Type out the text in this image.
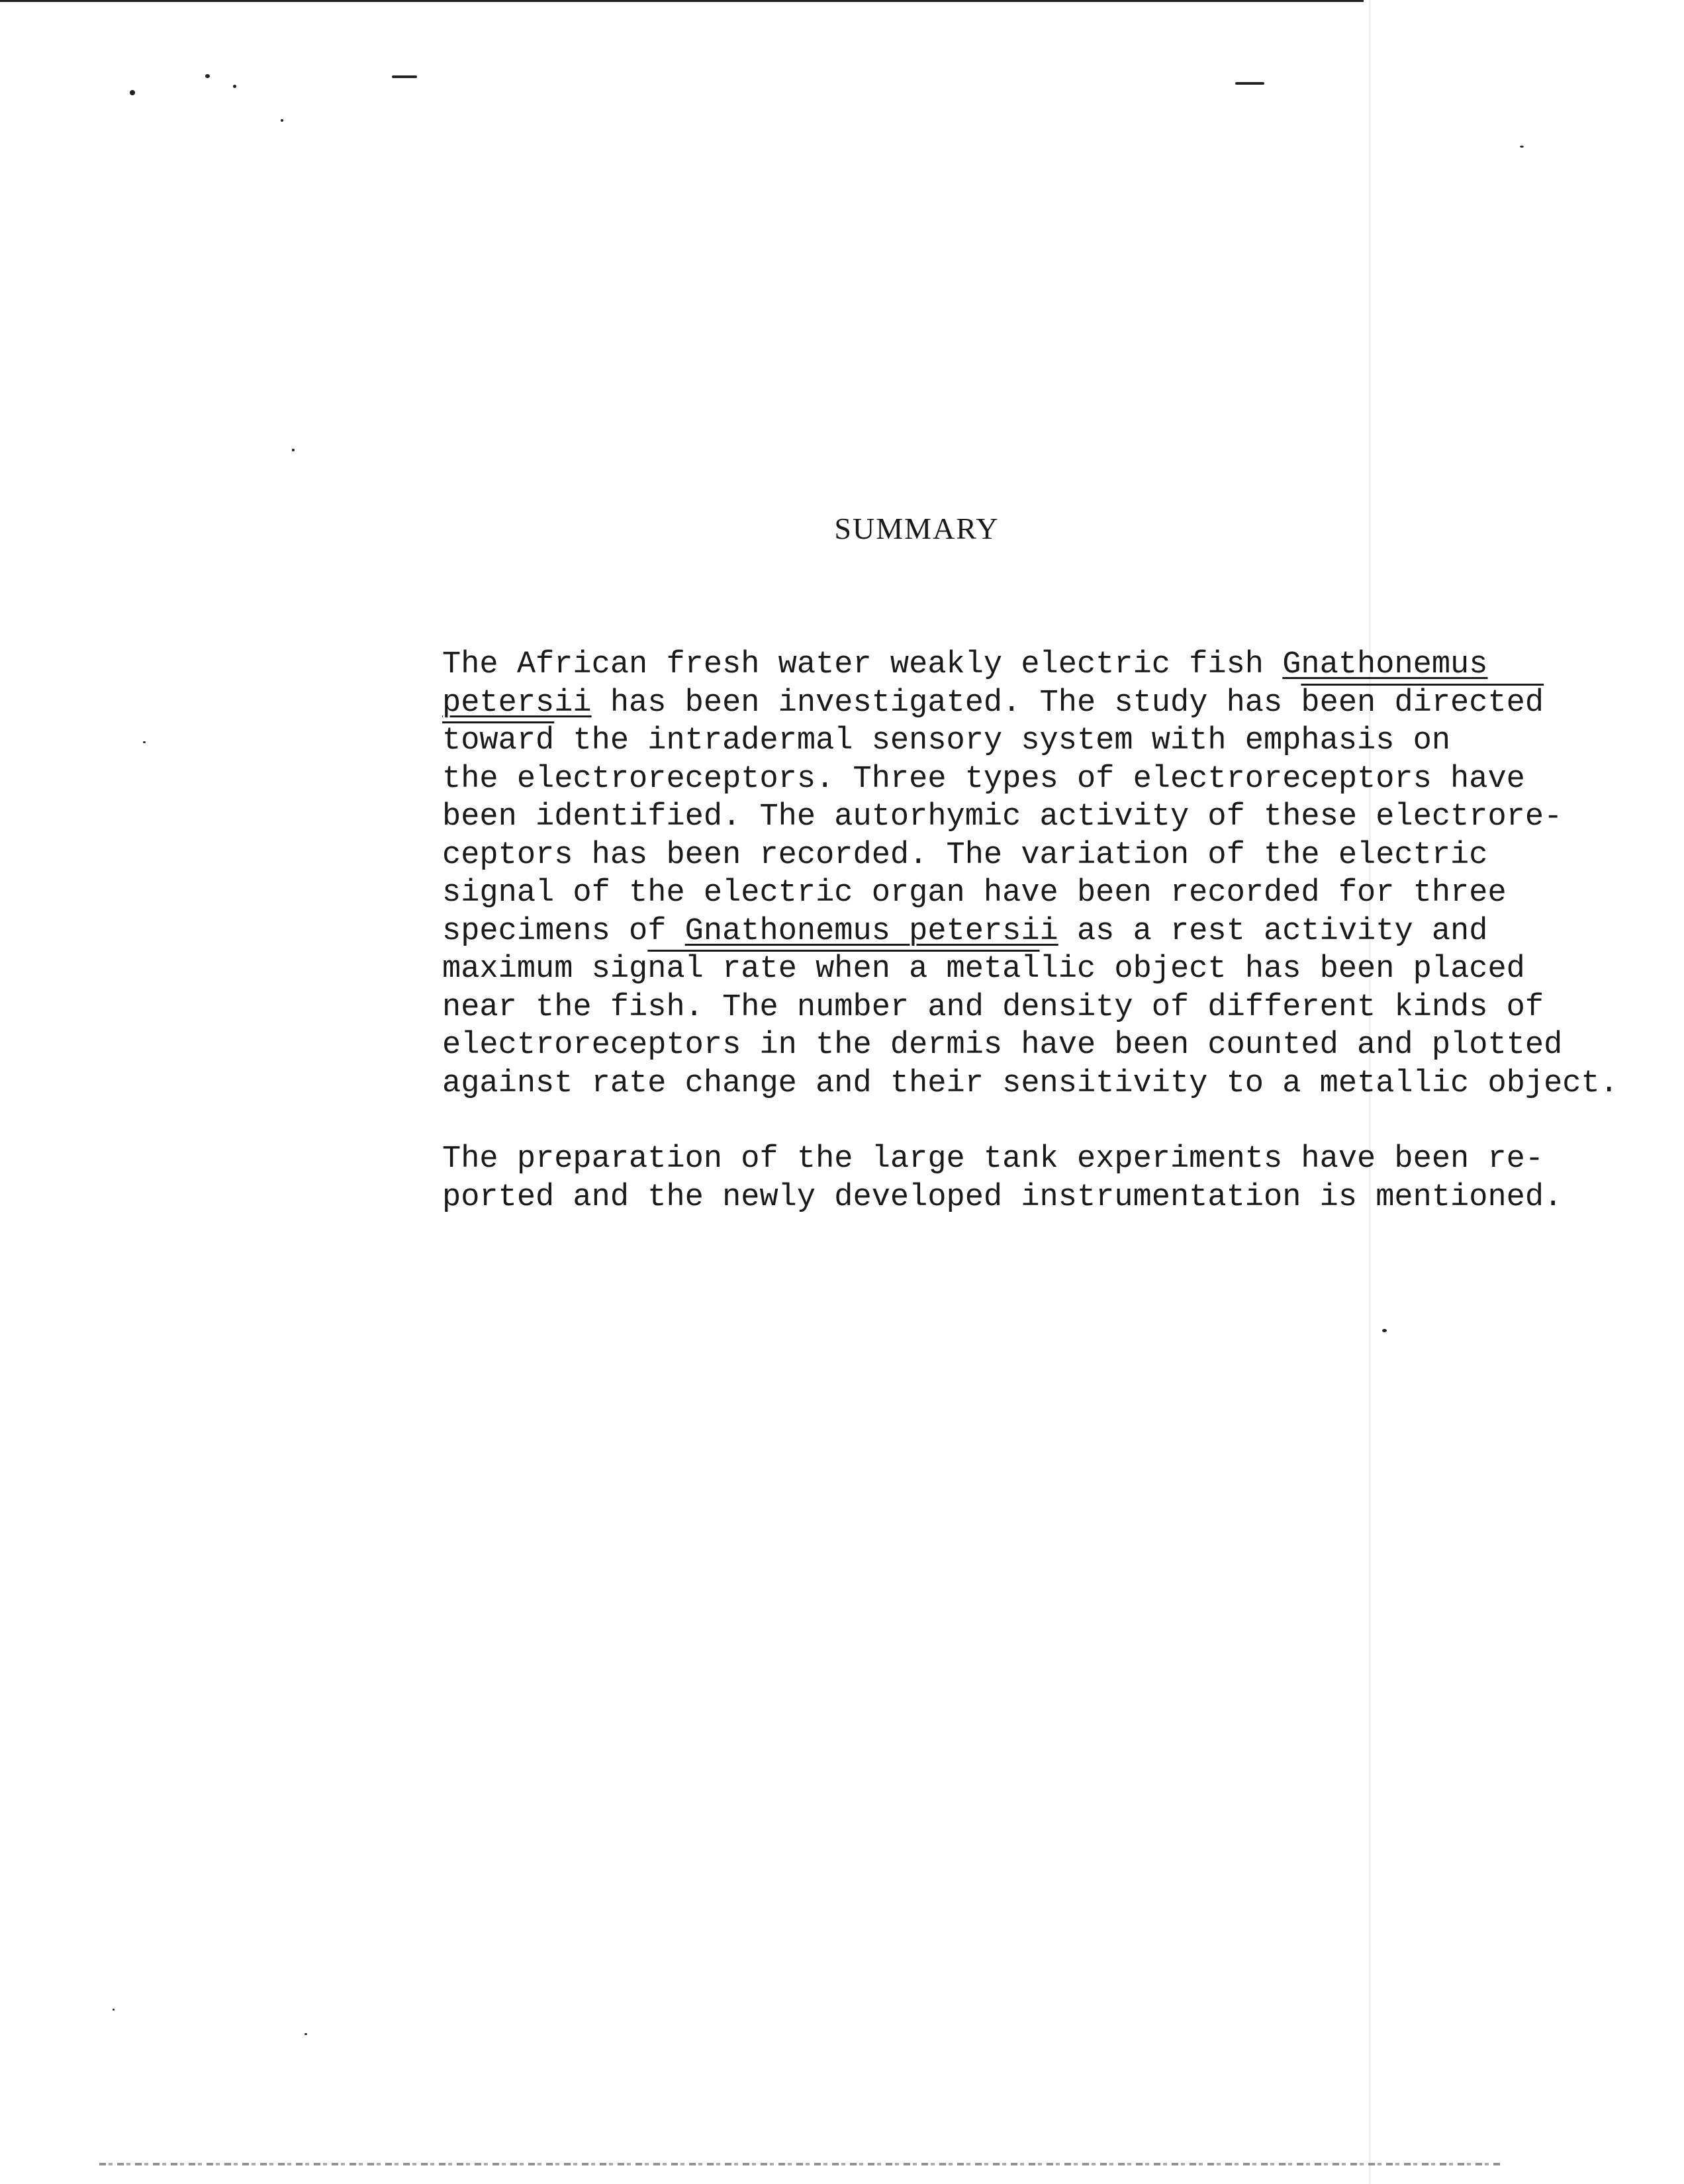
SUMMARY
The African fresh water weakly electric fish Gnathonemus
petersii has been investigated. The study has been directed
toward the intradermal sensory system with emphasis on
the electroreceptors. Three types of electroreceptors have
been identified. The autorhymic activity of these electrore-
ceptors has been recorded. The variation of the electric
signal of the electric organ have been recorded for three
specimens of Gnathonemus petersii as a rest activity and
maximum signal rate when a metallic object has been placed
near the fish. The number and density of different kinds of
electroreceptors in the dermis have been counted and plotted
against rate change and their sensitivity to a metallic object.
The preparation of the large tank experiments have been re-
ported and the newly developed instrumentation is mentioned.
